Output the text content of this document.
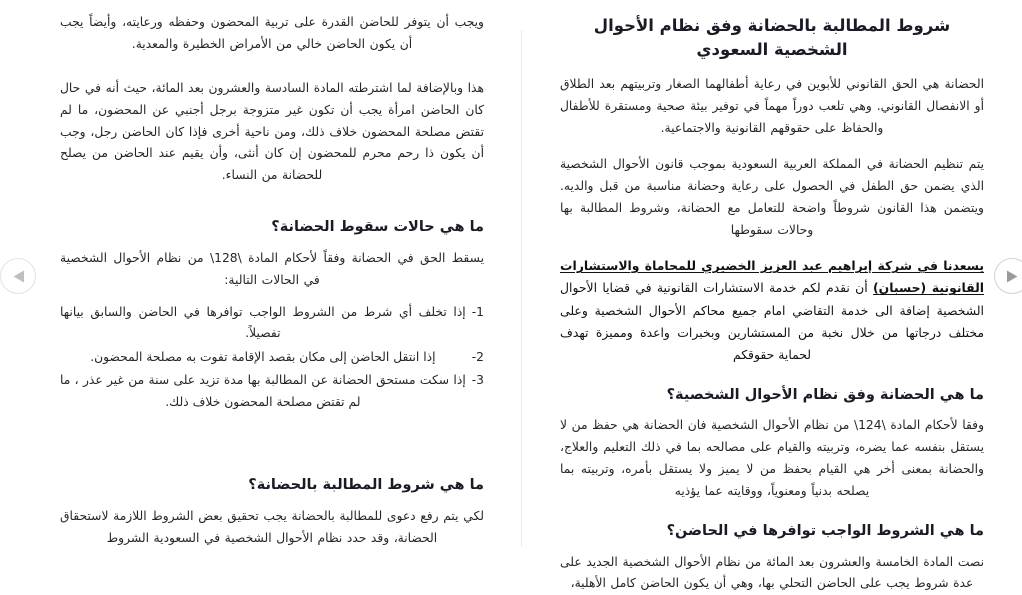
شروط المطالبة بالحضانة وفق نظام الأحوال الشخصية السعودي

الحضانة هي الحق القانوني للأبوين في رعاية أطفالهما الصغار وتربيتهم بعد الطلاق أو الانفصال القانوني. وهي تلعب دوراً مهماً في توفير بيئة صحية ومستقرة للأطفال والحفاظ على حقوقهم القانونية والاجتماعية.

يتم تنظيم الحضانة في المملكة العربية السعودية بموجب قانون الأحوال الشخصية الذي يضمن حق الطفل في الحصول على رعاية وحضانة مناسبة من قبل والديه. ويتضمن هذا القانون شروطاً واضحة للتعامل مع الحضانة، وشروط المطالبة بها وحالات سقوطها

يسعدنا في شركة إبراهيم عبد العزيز الخضيري للمحاماة والاستشارات القانونية (حسبان) أن نقدم لكم خدمة الاستشارات القانونية في قضايا الأحوال الشخصية إضافة الى خدمة التقاضي امام جميع محاكم الأحوال الشخصية وعلى مختلف درجاتها من خلال نخبة من المستشارين وبخبرات واعدة ومميزة تهدف لحماية حقوقكم

ما هي الحضانة وفق نظام الأحوال الشخصية؟

وفقا لأحكام المادة \124\ من نظام الأحوال الشخصية فان الحضانة هي حفظ من لا يستقل بنفسه عما يضره، وتربيته والقيام على مصالحه بما في ذلك التعليم والعلاج، والحضانة بمعنى أخر هي القيام بحفظ من لا يميز ولا يستقل بأمره، وتربيته بما يصلحه بدنياً ومعنوياً، ووقايته عما يؤذيه

ما هي الشروط الواجب توافرها في الحاضن؟

نصت المادة الخامسة والعشرون بعد المائة من نظام الأحوال الشخصية الجديد على عدة شروط يجب على الحاضن التحلي بها، وهي أن يكون الحاضن كامل الأهلية،

ويجب أن يتوفر للحاضن القدرة على تربية المحضون وحفظه ورعايته، وأيضاً يجب أن يكون الحاضن خالي من الأمراض الخطيرة والمعدية.

هذا وبالإضافة لما اشترطته المادة السادسة والعشرون بعد المائة، حيث أنه في حال كان الحاضن امرأة يجب أن تكون غير متزوجة برجل أجنبي عن المحضون، ما لم تقتض مصلحة المحضون خلاف ذلك، ومن ناحية أخرى فإذا كان الحاضن رجل، وجب أن يكون ذا رحم محرم للمحضون إن كان أنثى، وأن يقيم عند الحاضن من يصلح للحضانة من النساء.

ما هي حالات سقوط الحضانة؟

يسقط الحق في الحضانة وفقاً لأحكام المادة \128\ من نظام الأحوال الشخصية في الحالات التالية:

-1
إذا تخلف أي شرط من الشروط الواجب توافرها في الحاضن والسابق بيانها تفصيلاً.
-2
إذا انتقل الحاضن إلى مكان بقصد الإقامة تفوت به مصلحة المحضون.
-3
إذا سكت مستحق الحضانة عن المطالبة بها مدة تزيد على سنة من غير عذر ، ما لم تقتض مصلحة المحضون خلاف ذلك.
ما هي شروط المطالبة بالحضانة؟

لكي يتم رفع دعوى للمطالبة بالحضانة يجب تحقيق بعض الشروط اللازمة لاستحقاق الحضانة، وقد حدد نظام الأحوال الشخصية في السعودية الشروط
